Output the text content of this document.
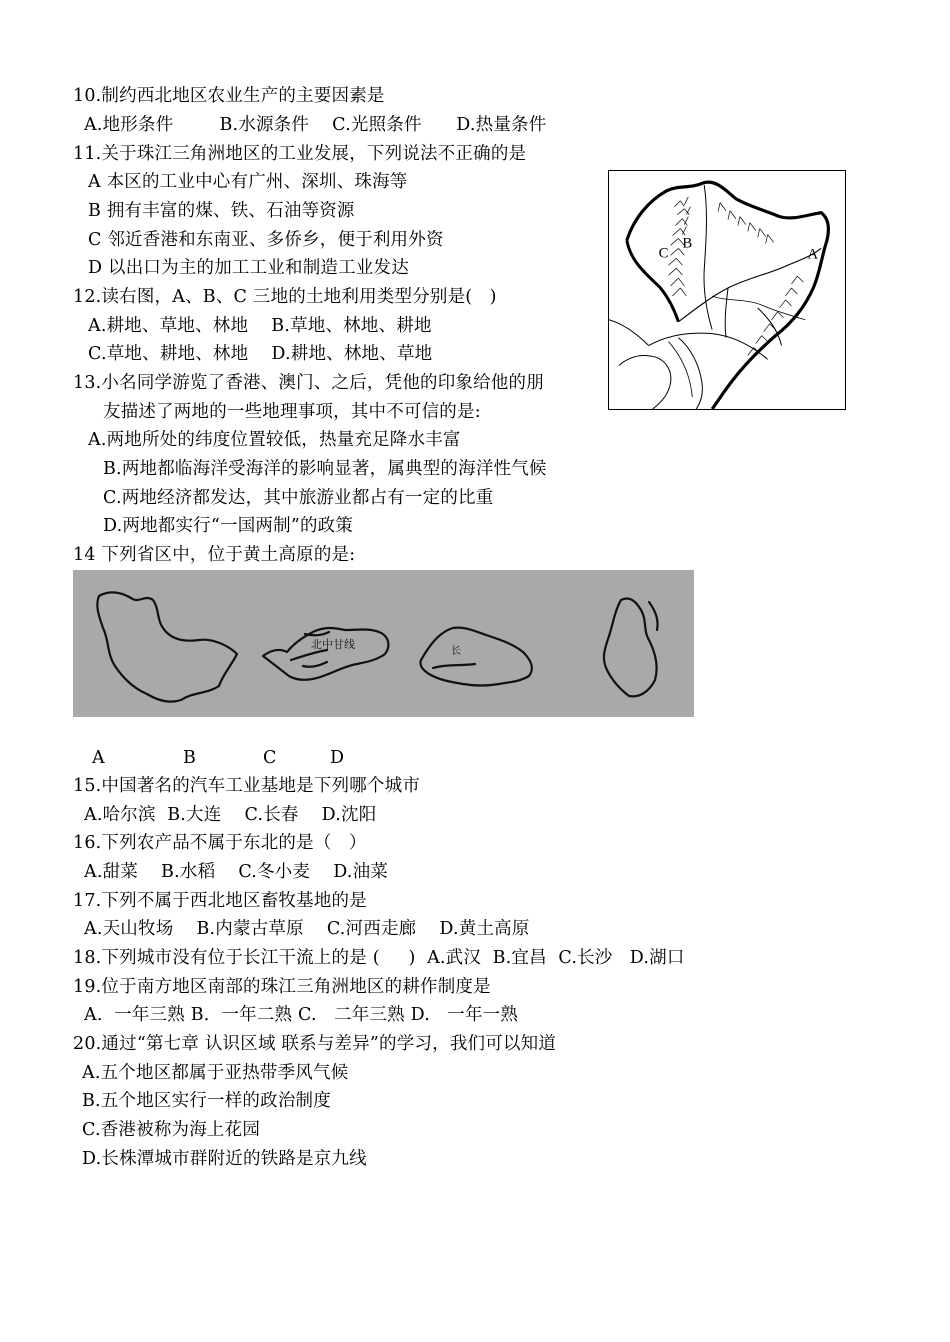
10.制约西北地区农业生产的主要因素是
A.地形条件        B.水源条件    C.光照条件      D.热量条件
11.关于珠江三角洲地区的工业发展，下列说法不正确的是
A 本区的工业中心有广州、深圳、珠海等
B 拥有丰富的煤、铁、石油等资源
C 邻近香港和东南亚、多侨乡，便于利用外资
D 以出口为主的加工工业和制造工业发达
12.读右图，A、B、C 三地的土地利用类型分别是(   )
A.耕地、草地、林地    B.草地、林地、耕地
C.草地、耕地、林地    D.耕地、林地、草地
C
B
A
13.小名同学游览了香港、澳门、之后，凭他的印象给他的朋
友描述了两地的一些地理事项，其中不可信的是:
A.两地所处的纬度位置较低，热量充足降水丰富
B.两地都临海洋受海洋的影响显著，属典型的海洋性气候
C.两地经济都发达，其中旅游业都占有一定的比重
D.两地都实行“一国两制”的政策
14 下列省区中，位于黄土高原的是:
北中甘线
长
A	B	C	D
15.中国著名的汽车工业基地是下列哪个城市
A.哈尔滨  B.大连    C.长春    D.沈阳
16.下列农产品不属于东北的是（   ）
A.甜菜    B.水稻    C.冬小麦    D.油菜
17.下列不属于西北地区畜牧基地的是
A.天山牧场    B.内蒙古草原    C.河西走廊    D.黄土高原
18.下列城市没有位于长江干流上的是 (     )  A.武汉  B.宜昌  C.长沙   D.湖口
19.位于南方地区南部的珠江三角洲地区的耕作制度是
A.  一年三熟 B．一年二熟 C.   二年三熟 D.   一年一熟
20.通过“第七章 认识区域 联系与差异”的学习，我们可以知道
A.五个地区都属于亚热带季风气候
B.五个地区实行一样的政治制度
C.香港被称为海上花园
D.长株潭城市群附近的铁路是京九线
